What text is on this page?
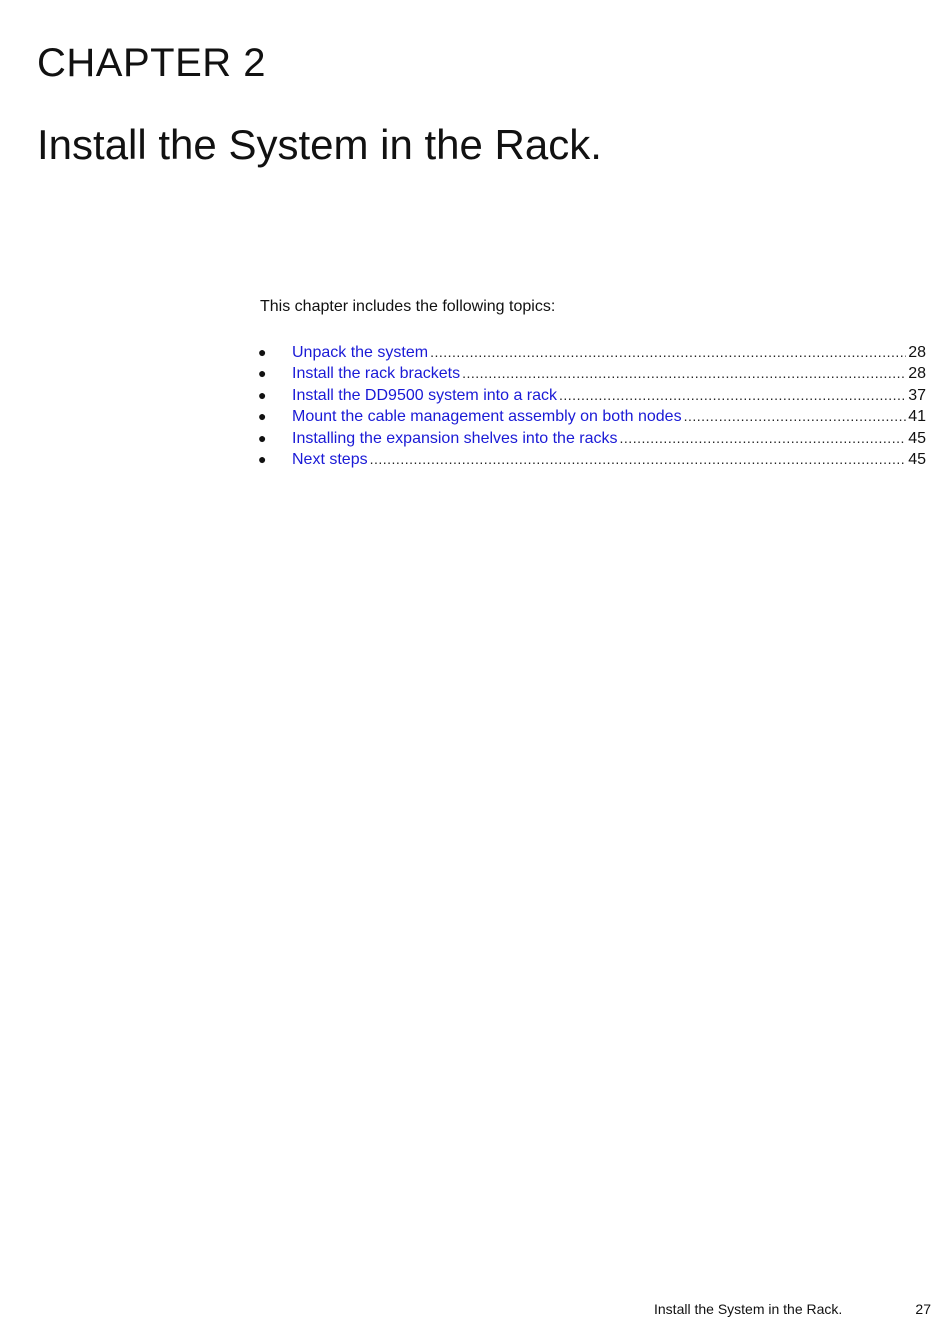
CHAPTER 2
Install the System in the Rack.

This chapter includes the following topics:

●	Unpack the system .....	28
●	Install the rack brackets .....	28
●	Install the DD9500 system into a rack .....	37
●	Mount the cable management assembly on both nodes .....	41
●	Installing the expansion shelves into the racks .....	45
●	Next steps .....	45
Install the System in the Rack.	27
